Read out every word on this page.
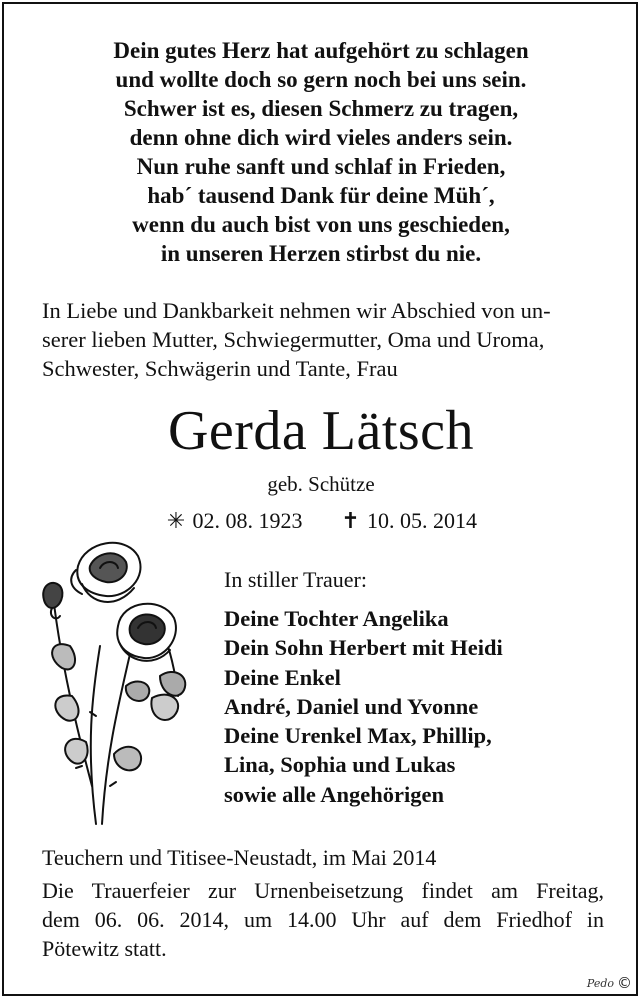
Dein gutes Herz hat aufgehört zu schlagen
und wollte doch so gern noch bei uns sein.
Schwer ist es, diesen Schmerz zu tragen,
denn ohne dich wird vieles anders sein.
Nun ruhe sanft und schlaf in Frieden,
hab´ tausend Dank für deine Müh´,
wenn du auch bist von uns geschieden,
in unseren Herzen stirbst du nie.
In Liebe und Dankbarkeit nehmen wir Abschied von un-
serer lieben Mutter, Schwiegermutter, Oma und Uroma,
Schwester, Schwägerin und Tante, Frau
Gerda Lätsch
geb. Schütze
✳ 02. 08. 1923 ✝ 10. 05. 2014
In stiller Trauer:
Deine Tochter Angelika
Dein Sohn Herbert mit Heidi
Deine Enkel
André, Daniel und Yvonne
Deine Urenkel Max, Phillip,
Lina, Sophia und Lukas
sowie alle Angehörigen
Teuchern und Titisee-Neustadt, im Mai 2014
Die Trauerfeier zur Urnenbeisetzung findet am Freitag,
dem 06. 06. 2014, um 14.00 Uhr auf dem Friedhof in
Pötewitz statt.
Pedo ©
